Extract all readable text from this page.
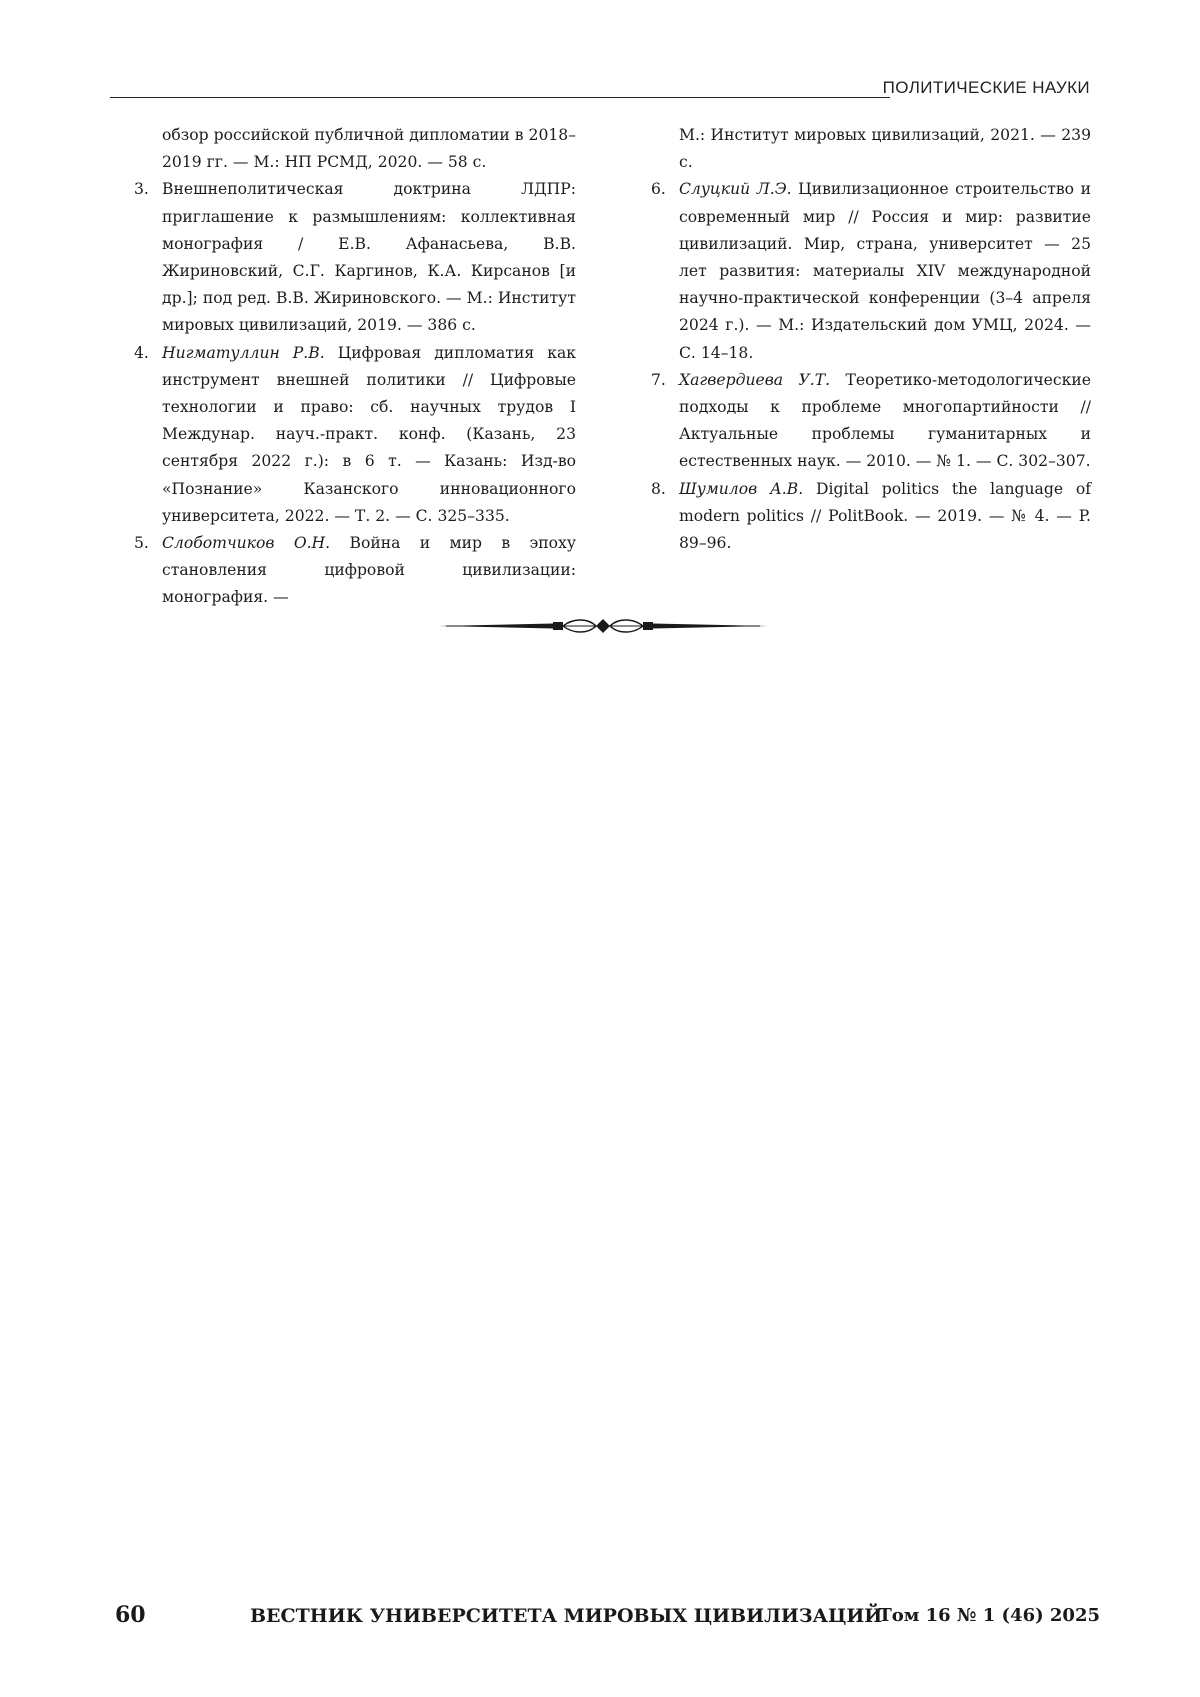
ПОЛИТИЧЕСКИЕ НАУКИ
обзор российской публичной дипломатии в 2018–2019 гг. — М.: НП РСМД, 2020. — 58 с.
3. Внешнеполитическая доктрина ЛДПР: приглашение к размышлениям: коллективная монография / Е.В. Афанасьева, В.В. Жириновский, С.Г. Каргинов, К.А. Кирсанов [и др.]; под ред. В.В. Жириновского. — М.: Институт мировых цивилизаций, 2019. — 386 с.
4. Нигматуллин Р.В. Цифровая дипломатия как инструмент внешней политики // Цифровые технологии и право: сб. научных трудов I Междунар. науч.-практ. конф. (Казань, 23 сентября 2022 г.): в 6 т. — Казань: Изд-во «Познание» Казанского инновационного университета, 2022. — Т. 2. — С. 325–335.
5. Слоботчиков О.Н. Война и мир в эпоху становления цифровой цивилизации: монография. —
М.: Институт мировых цивилизаций, 2021. — 239 с.
6. Слуцкий Л.Э. Цивилизационное строительство и современный мир // Россия и мир: развитие цивилизаций. Мир, страна, университет — 25 лет развития: материалы XIV международной научно-практической конференции (3–4 апреля 2024 г.). — М.: Издательский дом УМЦ, 2024. — С. 14–18.
7. Хагвердиева У.Т. Теоретико-методологические подходы к проблеме многопартийности // Актуальные проблемы гуманитарных и естественных наук. — 2010. — № 1. — С. 302–307.
8. Шумилов А.В. Digital politics the language of modern politics // PolitBook. — 2019. — № 4. — P. 89–96.
60	ВЕСТНИК УНИВЕРСИТЕТА МИРОВЫХ ЦИВИЛИЗАЦИЙ
Том 16 № 1 (46) 2025
